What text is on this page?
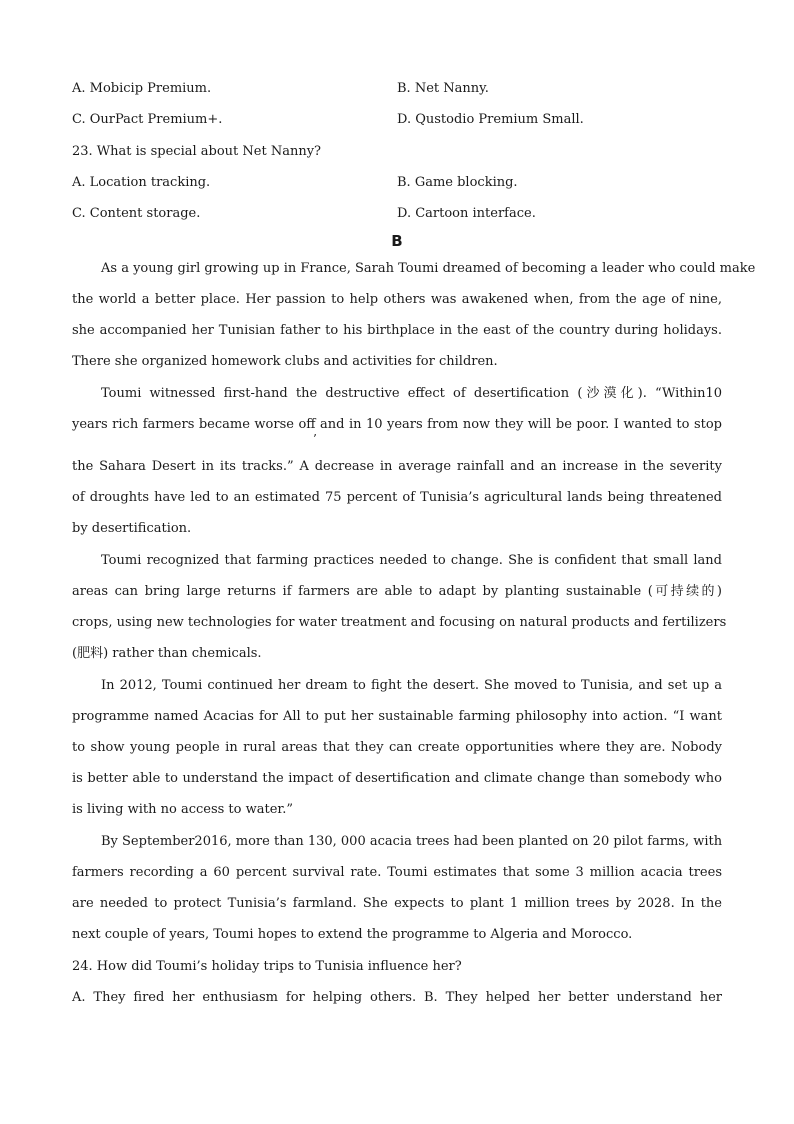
A. Mobicip Premium.	B. Net Nanny.
C. OurPact Premium+.	D. Qustodio Premium Small.
23. What is special about Net Nanny?
A. Location tracking.	B. Game blocking.
C. Content storage.	D. Cartoon interface.
B
As a young girl growing up in France, Sarah Toumi dreamed of becoming a leader who could make
the world a better place. Her passion to help others was awakened when, from the age of nine,
she accompanied her Tunisian father to his birthplace in the east of the country during holidays.
There she organized homework clubs and activities for children.
Toumi witnessed first-hand the destructive effect of desertification (沙漠化). “Within10
years rich farmers became worse off and in 10 years from now they will be poor. I wanted to stop
’
the Sahara Desert in its tracks.” A decrease in average rainfall and an increase in the severity
of droughts have led to an estimated 75 percent of Tunisia’s agricultural lands being threatened
by desertification.
Toumi recognized that farming practices needed to change. She is confident that small land
areas can bring large returns if farmers are able to adapt by planting sustainable (可持续的)
crops, using new technologies for water treatment and focusing on natural products and fertilizers
(肥料) rather than chemicals.
In 2012, Toumi continued her dream to fight the desert. She moved to Tunisia, and set up a
programme named Acacias for All to put her sustainable farming philosophy into action. “I want
to show young people in rural areas that they can create opportunities where they are. Nobody
is better able to understand the impact of desertification and climate change than somebody who
is living with no access to water.”
By September2016, more than 130, 000 acacia trees had been planted on 20 pilot farms, with
farmers recording a 60 percent survival rate. Toumi estimates that some 3 million acacia trees
are needed to protect Tunisia’s farmland. She expects to plant 1 million trees by 2028. In the
next couple of years, Toumi hopes to extend the programme to Algeria and Morocco.
24. How did Toumi’s holiday trips to Tunisia influence her?
A. They fired her enthusiasm for helping others. B. They helped her better understand her
